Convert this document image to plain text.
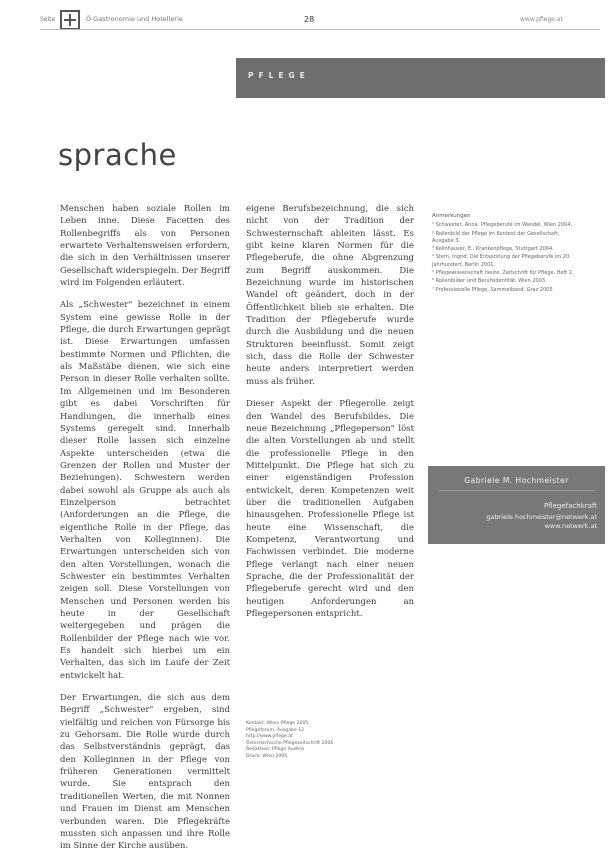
Seite	Ö Gastronomie und Hotellerie	28	www.pflege.at
PFLEGE
sprache

Menschen haben soziale Rollen im Leben inne. Diese Facetten des Rollenbegriffs als von Personen erwartete Verhaltensweisen erfordern, die sich in den Verhältnissen unserer Gesellschaft widerspiegeln. Der Begriff wird im Folgenden erläutert.

Als „Schwester" bezeichnet in einem System eine gewisse Rolle in der Pflege, die durch Erwartungen geprägt ist. Diese Erwartungen umfassen bestimmte Normen und Pflichten, die als Maßstäbe dienen, wie sich eine Person in dieser Rolle verhalten sollte. Im Allgemeinen und im Besonderen gibt es dabei Vorschriften für Handlungen, die innerhalb eines Systems geregelt sind. Innerhalb dieser Rolle lassen sich einzelne Aspekte unterscheiden (etwa die Grenzen der Rollen und Muster der Beziehungen). Schwestern werden dabei sowohl als Gruppe als auch als Einzelperson betrachtet (Anforderungen an die Pflege, die eigentliche Rolle in der Pflege, das Verhalten von Kolleginnen). Die Erwartungen unterscheiden sich von den alten Vorstellungen, wonach die Schwester ein bestimmtes Verhalten zeigen soll. Diese Vorstellungen von Menschen und Personen werden bis heute in der Gesellschaft weitergegeben und prägen die Rollenbilder der Pflege nach wie vor. Es handelt sich hierbei um ein Verhalten, das sich im Laufe der Zeit entwickelt hat.

Der Erwartungen, die sich aus dem Begriff „Schwester" ergeben, sind vielfältig und reichen von Fürsorge bis zu Gehorsam. Die Rolle wurde durch das Selbstverständnis geprägt, das den Kolleginnen in der Pflege von früheren Generationen vermittelt wurde. Sie entsprach den traditionellen Werten, die mit Nonnen und Frauen im Dienst am Menschen verbunden waren. Die Pflegekräfte mussten sich anpassen und ihre Rolle im Sinne der Kirche ausüben.

eigene Berufsbezeichnung, die sich nicht von der Tradition der Schwesternschaft ableiten lässt. Es gibt keine klaren Normen für die Pflegeberufe, die ohne Abgrenzung zum Begriff auskommen. Die Bezeichnung wurde im historischen Wandel oft geändert, doch in der Öffentlichkeit blieb sie erhalten. Die Tradition der Pflegeberufe wurde durch die Ausbildung und die neuen Strukturen beeinflusst. Somit zeigt sich, dass die Rolle der Schwester heute anders interpretiert werden muss als früher.

Dieser Aspekt der Pflegerolle zeigt den Wandel des Berufsbildes. Die neue Bezeichnung „Pflegeperson" löst die alten Vorstellungen ab und stellt die professionelle Pflege in den Mittelpunkt. Die Pflege hat sich zu einer eigenständigen Profession entwickelt, deren Kompetenzen weit über die traditionellen Aufgaben hinausgehen. Professionelle Pflege ist heute eine Wissenschaft, die Kompetenz, Verantwortung und Fachwissen verbindet. Die moderne Pflege verlangt nach einer neuen Sprache, die der Professionalität der Pflegeberufe gerecht wird und den heutigen Anforderungen an Pflegepersonen entspricht.

Anmerkungen

¹ Schwester, Anna: Pflegeberufe im Wandel, Wien 2004.

² Rollenbild der Pflege im Kontext der Gesellschaft, Ausgabe 3.

³ Kellnhauser, E.: Krankenpflege, Stuttgart 2004.

⁴ Stern, Ingrid: Die Entwicklung der Pflegeberufe im 20. Jahrhundert, Berlin 2001.

⁵ Pflegewissenschaft heute, Zeitschrift für Pflege, Heft 2.

⁶ Rollenbilder und Berufsidentität, Wien 2003.

⁷ Professionelle Pflege, Sammelband, Graz 2005.

Gabriele M. Hochmeister
Pflegefachkraft
gabriele.hochmeister@netwerk.at
www.netwerk.at

Kontakt: Wien, Pflege 2005

Pflegeforum, Ausgabe 12

http://www.pflege.at

Österreichische Pflegezeitschrift 2005

Redaktion: Pflege Austria

Druck: Wien 2005
